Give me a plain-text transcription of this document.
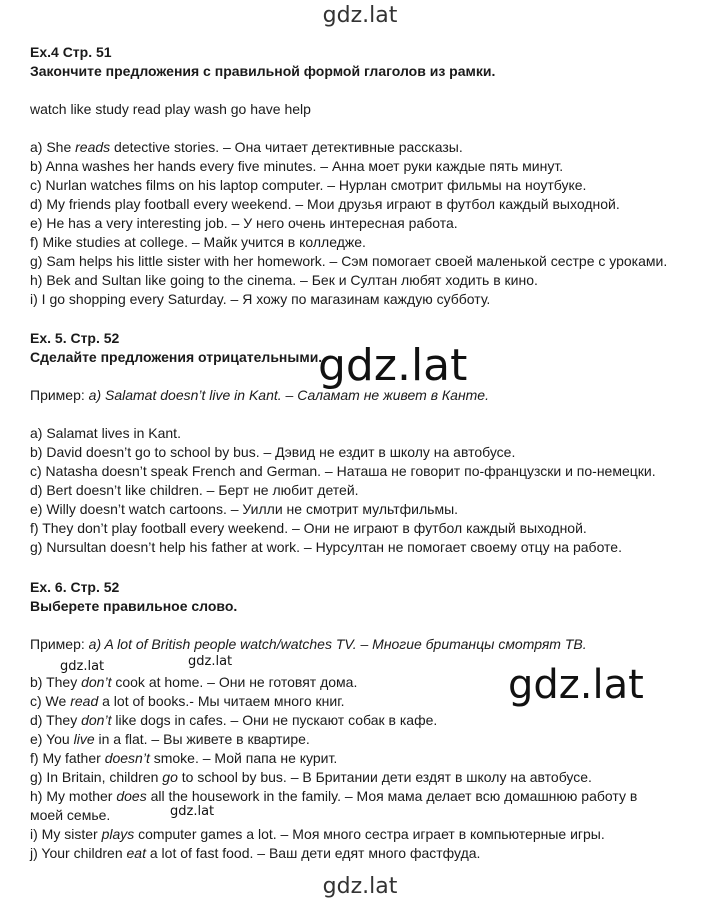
gdz.lat
Ex.4 Стр. 51
Закончите предложения с правильной формой глаголов из рамки.
watch like study read play wash go have help
a) She reads detective stories. – Она читает детективные рассказы.
b) Anna washes her hands every five minutes. – Анна моет руки каждые пять минут.
c) Nurlan watches films on his laptop computer. – Нурлан смотрит фильмы на ноутбуке.
d) My friends play football every weekend. – Мои друзья играют в футбол каждый выходной.
e) He has a very interesting job. – У него очень интересная работа.
f) Mike studies at college. – Майк учится в колледже.
g) Sam helps his little sister with her homework. – Сэм помогает своей маленькой сестре с уроками.
h) Bek and Sultan like going to the cinema. – Бек и Султан любят ходить в кино.
i) I go shopping every Saturday. – Я хожу по магазинам каждую субботу.
Ex. 5. Стр. 52
Сделайте предложения отрицательными.
gdz.lat
Пример: a) Salamat doesn’t live in Kant. – Саламат не живет в Канте.
a) Salamat lives in Kant.
b) David doesn’t go to school by bus. – Дэвид не ездит в школу на автобусе.
c) Natasha doesn’t speak French and German. – Наташа не говорит по-французски и по-немецки.
d) Bert doesn’t like children. – Берт не любит детей.
e) Willy doesn’t watch cartoons. – Уилли не смотрит мультфильмы.
f) They don’t play football every weekend. – Они не играют в футбол каждый выходной.
g) Nursultan doesn’t help his father at work. – Нурсултан не помогает своему отцу на работе.
Ex. 6. Стр. 52
Выберете правильное слово.
Пример: a) A lot of British people watch/watches TV. – Многие британцы смотрят ТВ.
gdz.lat	gdz.lat
gdz.lat
b) They don’t cook at home. – Они не готовят дома.
c) We read a lot of books.- Мы читаем много книг.
d) They don’t like dogs in cafes. – Они не пускают собак в кафе.
e) You live in a flat. – Вы живете в квартире.
f) My father doesn’t smoke. – Мой папа не курит.
g) In Britain, children go to school by bus. – В Британии дети ездят в школу на автобусе.
h) My mother does all the housework in the family. – Моя мама делает всю домашнюю работу в
моей семье.
i) My sister plays computer games a lot. – Моя много сестра играет в компьютерные игры.
j) Your children eat a lot of fast food. – Ваш дети едят много фастфуда.
gdz.lat
gdz.lat
